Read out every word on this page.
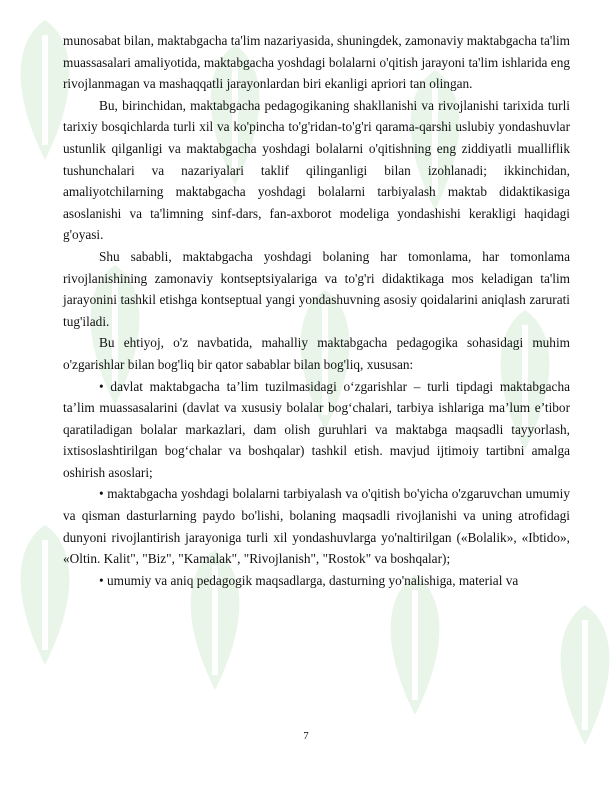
munosabat bilan, maktabgacha ta'lim nazariyasida, shuningdek, zamonaviy maktabgacha ta'lim muassasalari amaliyotida, maktabgacha yoshdagi bolalarni o'qitish jarayoni ta'lim ishlarida eng rivojlanmagan va mashaqqatli jarayonlardan biri ekanligi apriori tan olingan.

Bu, birinchidan, maktabgacha pedagogikaning shakllanishi va rivojlanishi tarixida turli tarixiy bosqichlarda turli xil va ko'pincha to'g'ridan-to'g'ri qarama-qarshi uslubiy yondashuvlar ustunlik qilganligi va maktabgacha yoshdagi bolalarni o'qitishning eng ziddiyatli mualliflik tushunchalari va nazariyalari taklif qilinganligi bilan izohlanadi; ikkinchidan, amaliyotchilarning maktabgacha yoshdagi bolalarni tarbiyalash maktab didaktikasiga asoslanishi va ta'limning sinf-dars, fan-axborot modeliga yondashishi kerakligi haqidagi g'oyasi.

Shu sababli, maktabgacha yoshdagi bolaning har tomonlama, har tomonlama rivojlanishining zamonaviy kontseptsiyalariga va to'g'ri didaktikaga mos keladigan ta'lim jarayonini tashkil etishga kontseptual yangi yondashuvning asosiy qoidalarini aniqlash zarurati tug'iladi.

Bu ehtiyoj, o'z navbatida, mahalliy maktabgacha pedagogika sohasidagi muhim o'zgarishlar bilan bog'liq bir qator sabablar bilan bog'liq, xususan:

• davlat maktabgacha ta’lim tuzilmasidagi o‘zgarishlar – turli tipdagi maktabgacha ta’lim muassasalarini (davlat va xususiy bolalar bog‘chalari, tarbiya ishlariga ma’lum e’tibor qaratiladigan bolalar markazlari, dam olish guruhlari va maktabga maqsadli tayyorlash, ixtisoslashtirilgan bog‘chalar va boshqalar) tashkil etish. mavjud ijtimoiy tartibni amalga oshirish asoslari;

• maktabgacha yoshdagi bolalarni tarbiyalash va o'qitish bo'yicha o'zgaruvchan umumiy va qisman dasturlarning paydo bo'lishi, bolaning maqsadli rivojlanishi va uning atrofidagi dunyoni rivojlantirish jarayoniga turli xil yondashuvlarga yo'naltirilgan («Bolalik», «Ibtido», «Oltin. Kalit", "Biz", "Kamalak", "Rivojlanish", "Rostok" va boshqalar);

• umumiy va aniq pedagogik maqsadlarga, dasturning yo'nalishiga, material va

7
